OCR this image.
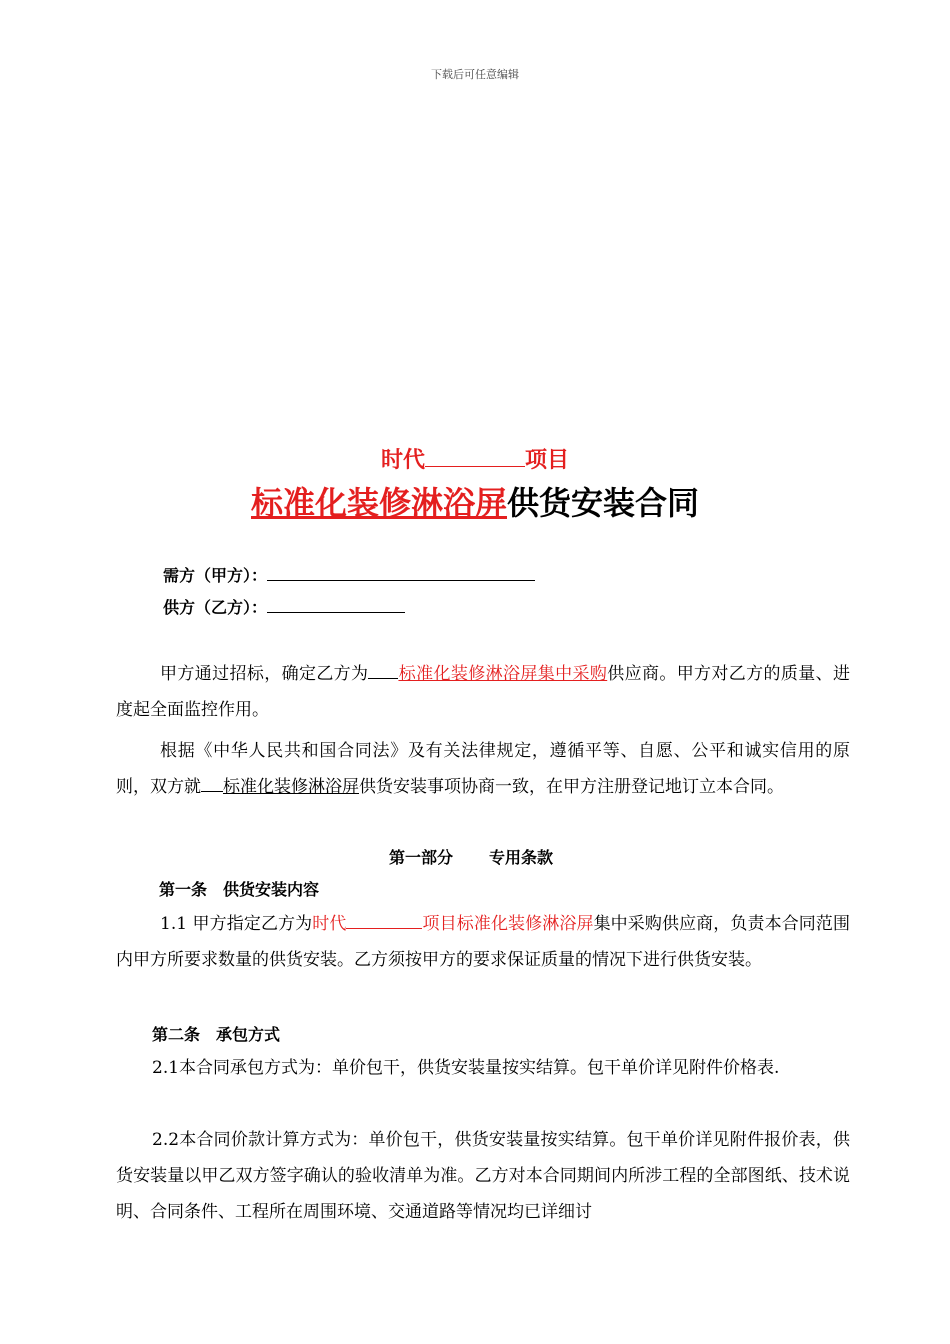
下载后可任意编辑
时代	项目
标准化装修淋浴屏供货安装合同
需方（甲方）：
供方（乙方）：
甲方通过招标，确定乙方为 标准化装修淋浴屏集中采购供应商。甲方对乙方的质量、进度起全面监控作用。
根据《中华人民共和国合同法》及有关法律规定，遵循平等、自愿、公平和诚实信用的原则，双方就 标准化装修淋浴屏供货安装事项协商一致，在甲方注册登记地订立本合同。
第一部分 专用条款
第一条　供货安装内容
1.1 甲方指定乙方为时代	项目标准化装修淋浴屏集中采购供应商，负责本合同范围内甲方所要求数量的供货安装。乙方须按甲方的要求保证质量的情况下进行供货安装。
第二条　承包方式
2.1本合同承包方式为：单价包干，供货安装量按实结算。包干单价详见附件价格表.
2.2本合同价款计算方式为：单价包干，供货安装量按实结算。包干单价详见附件报价表，供货安装量以甲乙双方签字确认的验收清单为准。乙方对本合同期间内所涉工程的全部图纸、技术说明、合同条件、工程所在周围环境、交通道路等情况均已详细讨
